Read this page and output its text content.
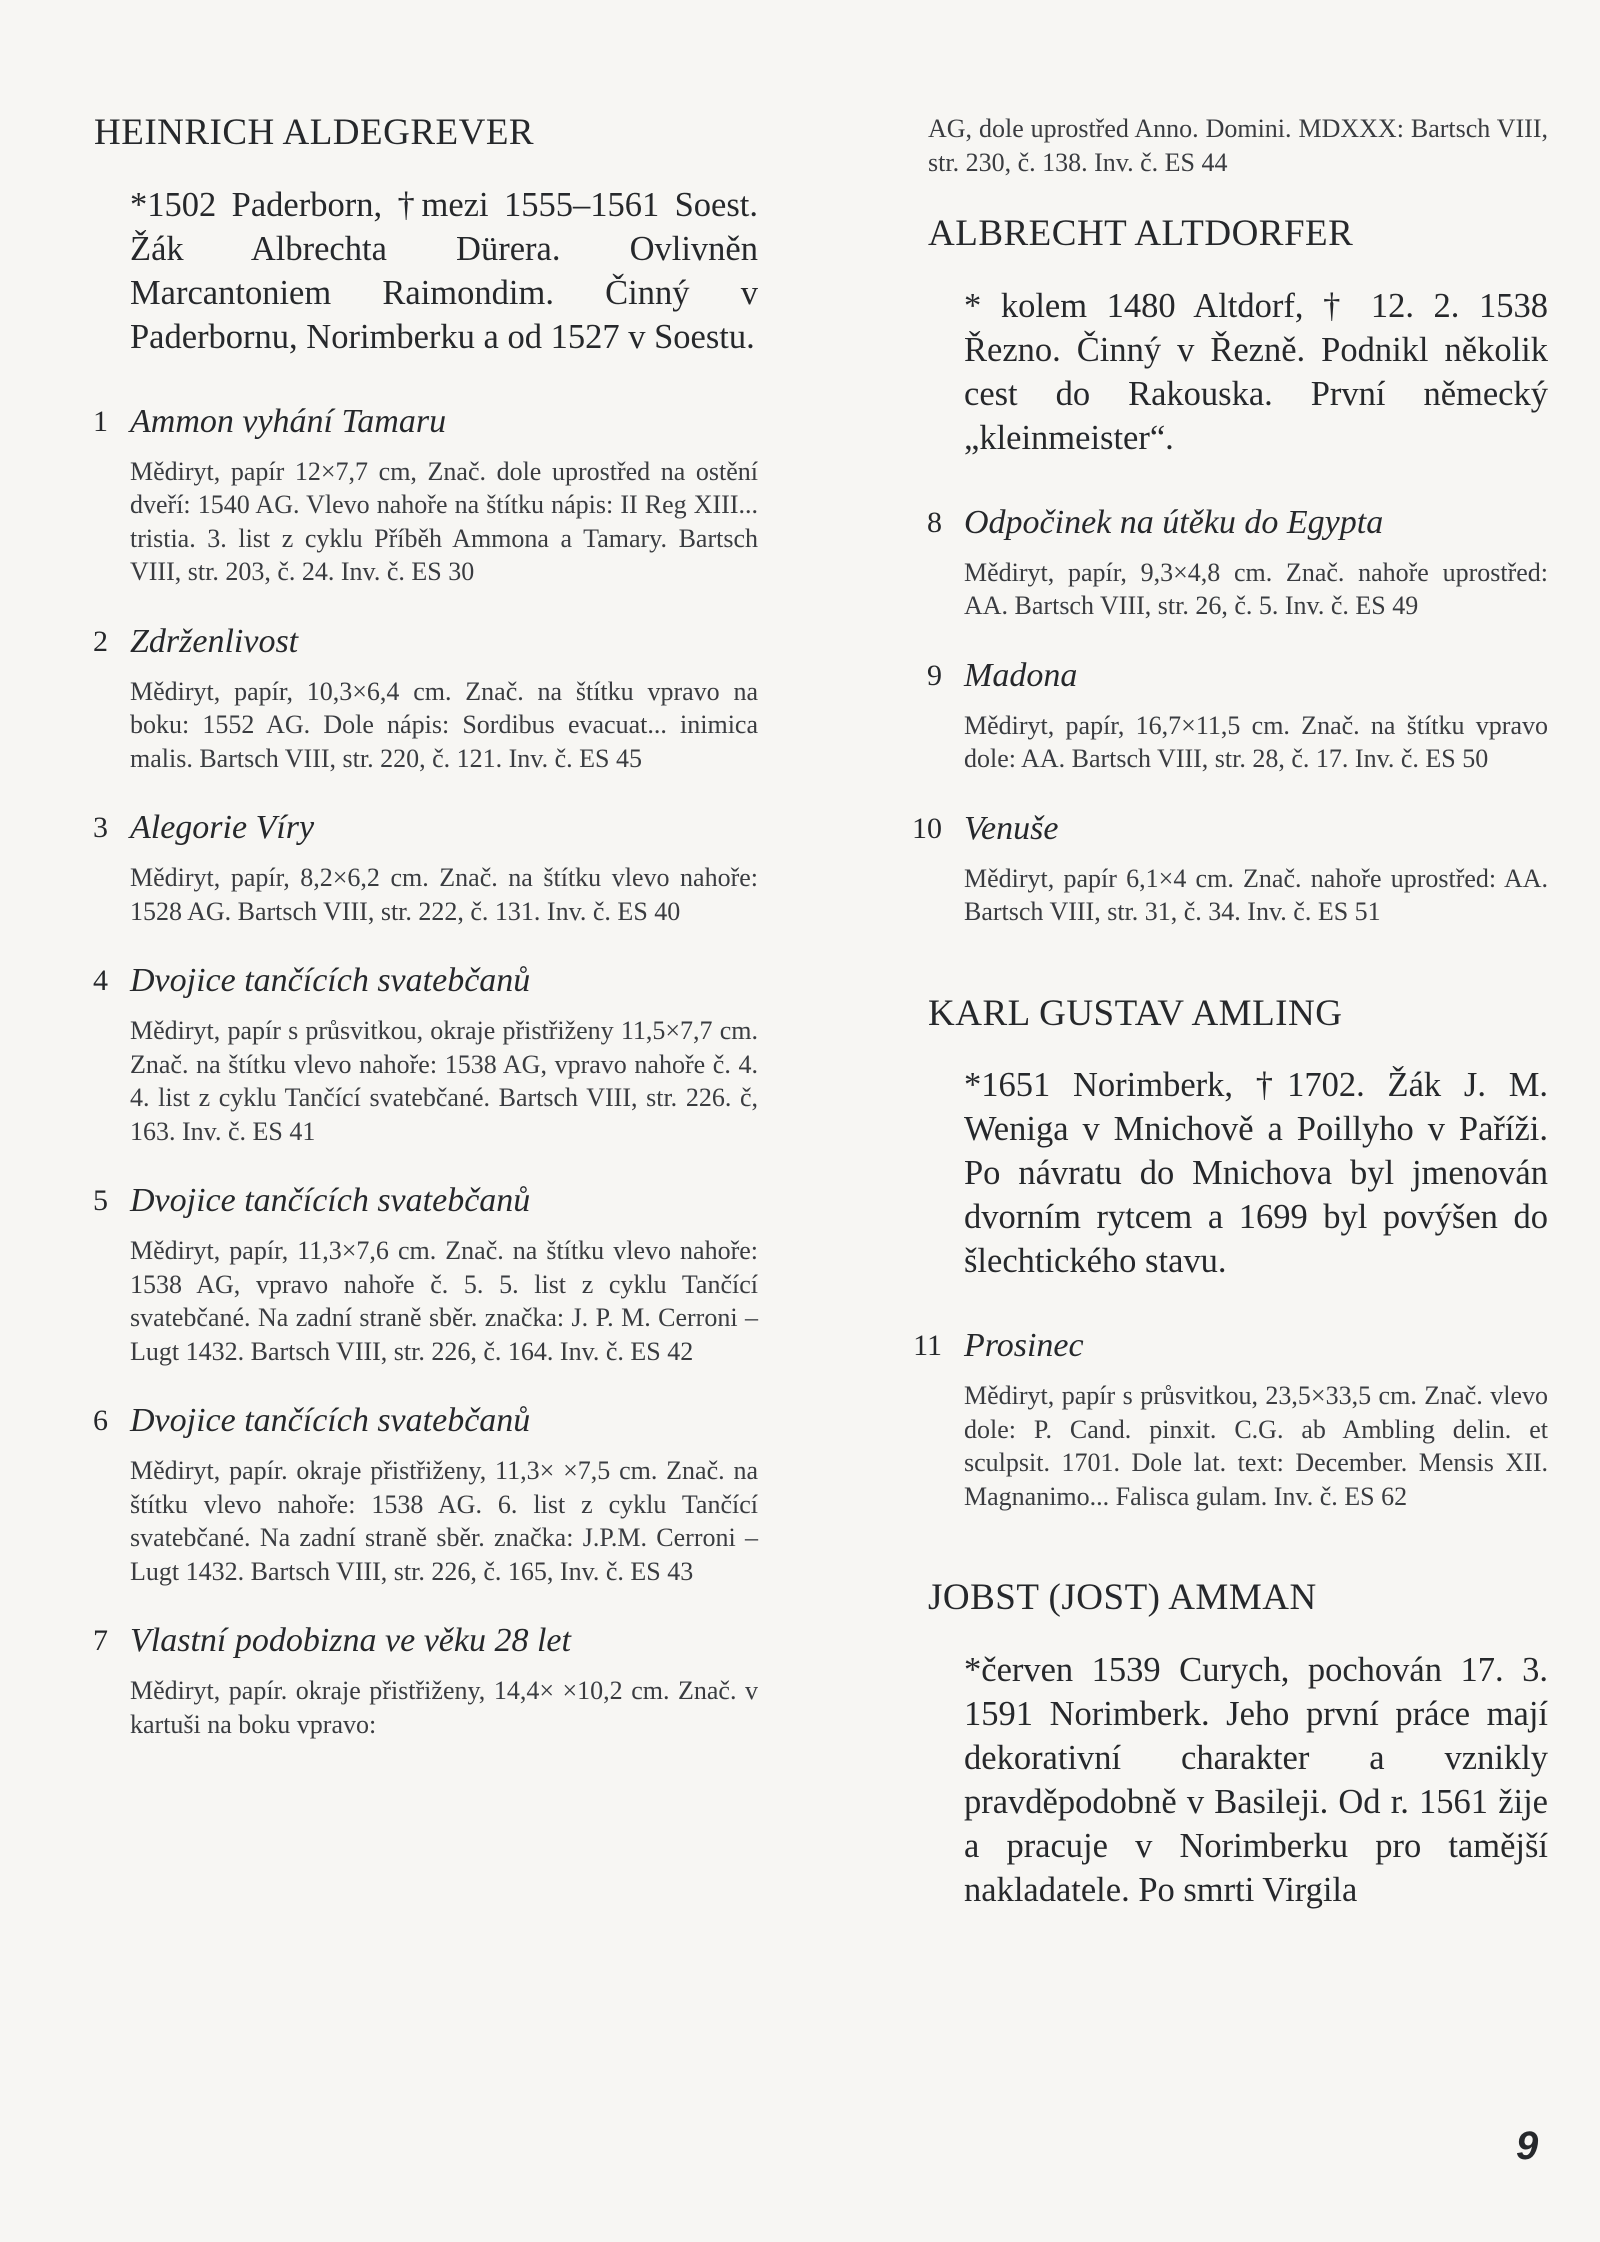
HEINRICH ALDEGREVER

*1502 Paderborn, †mezi 1555–1561 Soest. Žák Albrechta Dürera. Ovlivněn Marcantoniem Raimondim. Činný v Paderbornu, Norimberku a od 1527 v Soestu.

1 Ammon vyhání Tamaru
Mědiryt, papír 12×7,7 cm, Znač. dole uprostřed na ostění dveří: 1540 AG. Vlevo nahoře na štítku nápis: II Reg XIII... tristia. 3. list z cyklu Příběh Ammona a Tamary. Bartsch VIII, str. 203, č. 24. Inv. č. ES 30
2 Zdrženlivost
Mědiryt, papír, 10,3×6,4 cm. Znač. na štítku vpravo na boku: 1552 AG. Dole nápis: Sordibus evacuat... inimica malis. Bartsch VIII, str. 220, č. 121. Inv. č. ES 45
3 Alegorie Víry
Mědiryt, papír, 8,2×6,2 cm. Znač. na štítku vlevo nahoře: 1528 AG. Bartsch VIII, str. 222, č. 131. Inv. č. ES 40
4 Dvojice tančících svatebčanů
Mědiryt, papír s průsvitkou, okraje přistřiženy 11,5×7,7 cm. Znač. na štítku vlevo nahoře: 1538 AG, vpravo nahoře č. 4. 4. list z cyklu Tančící svatebčané. Bartsch VIII, str. 226. č, 163. Inv. č. ES 41
5 Dvojice tančících svatebčanů
Mědiryt, papír, 11,3×7,6 cm. Znač. na štítku vlevo nahoře: 1538 AG, vpravo nahoře č. 5. 5. list z cyklu Tančící svatebčané. Na zadní straně sběr. značka: J. P. M. Cerroni – Lugt 1432. Bartsch VIII, str. 226, č. 164. Inv. č. ES 42
6 Dvojice tančících svatebčanů
Mědiryt, papír. okraje přistřiženy, 11,3× ×7,5 cm. Znač. na štítku vlevo nahoře: 1538 AG. 6. list z cyklu Tančící svatebčané. Na zadní straně sběr. značka: J.P.M. Cerroni – Lugt 1432. Bartsch VIII, str. 226, č. 165, Inv. č. ES 43
7 Vlastní podobizna ve věku 28 let
Mědiryt, papír. okraje přistřiženy, 14,4× ×10,2 cm. Znač. v kartuši na boku vpravo:
AG, dole uprostřed Anno. Domini. MDXXX: Bartsch VIII, str. 230, č. 138. Inv. č. ES 44
ALBRECHT ALTDORFER

* kolem 1480 Altdorf, † 12. 2. 1538 Řezno. Činný v Řezně. Podnikl několik cest do Rakouska. První německý „kleinmeister“.

8 Odpočinek na útěku do Egypta
Mědiryt, papír, 9,3×4,8 cm. Znač. nahoře uprostřed: AA. Bartsch VIII, str. 26, č. 5. Inv. č. ES 49
9 Madona
Mědiryt, papír, 16,7×11,5 cm. Znač. na štítku vpravo dole: AA. Bartsch VIII, str. 28, č. 17. Inv. č. ES 50
10 Venuše
Mědiryt, papír 6,1×4 cm. Znač. nahoře uprostřed: AA. Bartsch VIII, str. 31, č. 34. Inv. č. ES 51
KARL GUSTAV AMLING

*1651 Norimberk, †1702. Žák J. M. Weniga v Mnichově a Poillyho v Paříži. Po návratu do Mnichova byl jmenován dvorním rytcem a 1699 byl povýšen do šlechtického stavu.

11 Prosinec
Mědiryt, papír s průsvitkou, 23,5×33,5 cm. Znač. vlevo dole: P. Cand. pinxit. C.G. ab Ambling delin. et sculpsit. 1701. Dole lat. text: December. Mensis XII. Magnanimo... Falisca gulam. Inv. č. ES 62
JOBST (JOST) AMMAN

*červen 1539 Curych, pochován 17. 3. 1591 Norimberk. Jeho první práce mají dekorativní charakter a vznikly pravděpodobně v Basileji. Od r. 1561 žije a pracuje v Norimberku pro tamější nakladatele. Po smrti Virgila

9
